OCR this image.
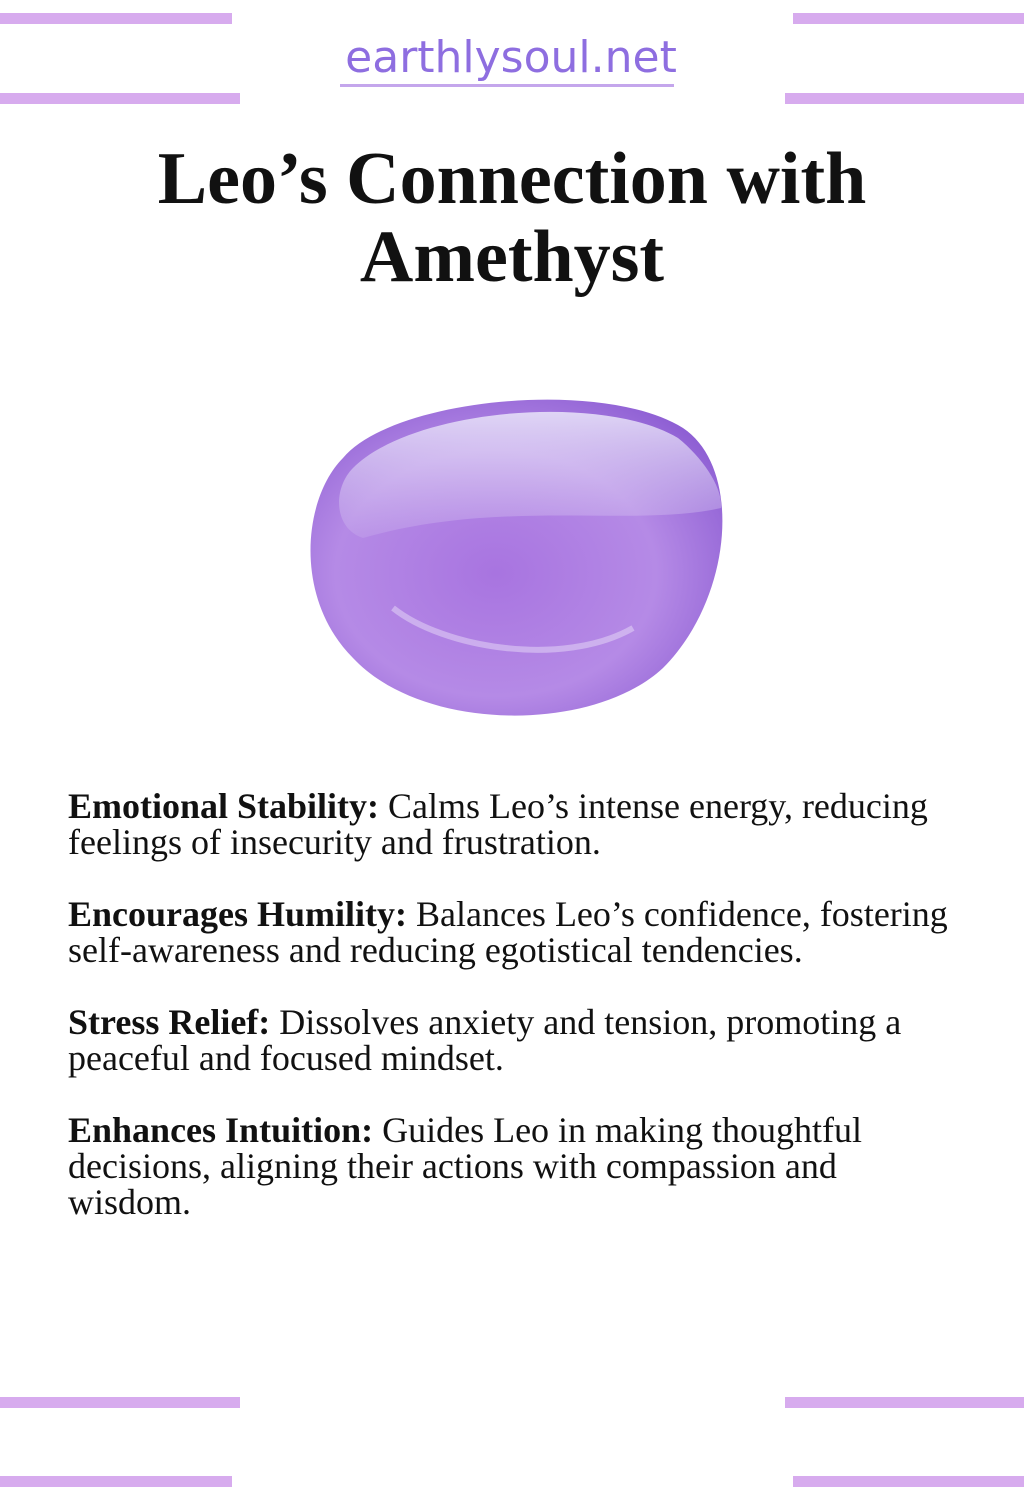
earthlysoul.net
Leo’s Connection with
Amethyst

Emotional Stability: Calms Leo’s intense energy, reducing feelings of insecurity and frustration.

Encourages Humility: Balances Leo’s confidence, fostering self-awareness and reducing egotistical tendencies.

Stress Relief: Dissolves anxiety and tension, promoting a peaceful and focused mindset.

Enhances Intuition: Guides Leo in making thoughtful decisions, aligning their actions with compassion and wisdom.
